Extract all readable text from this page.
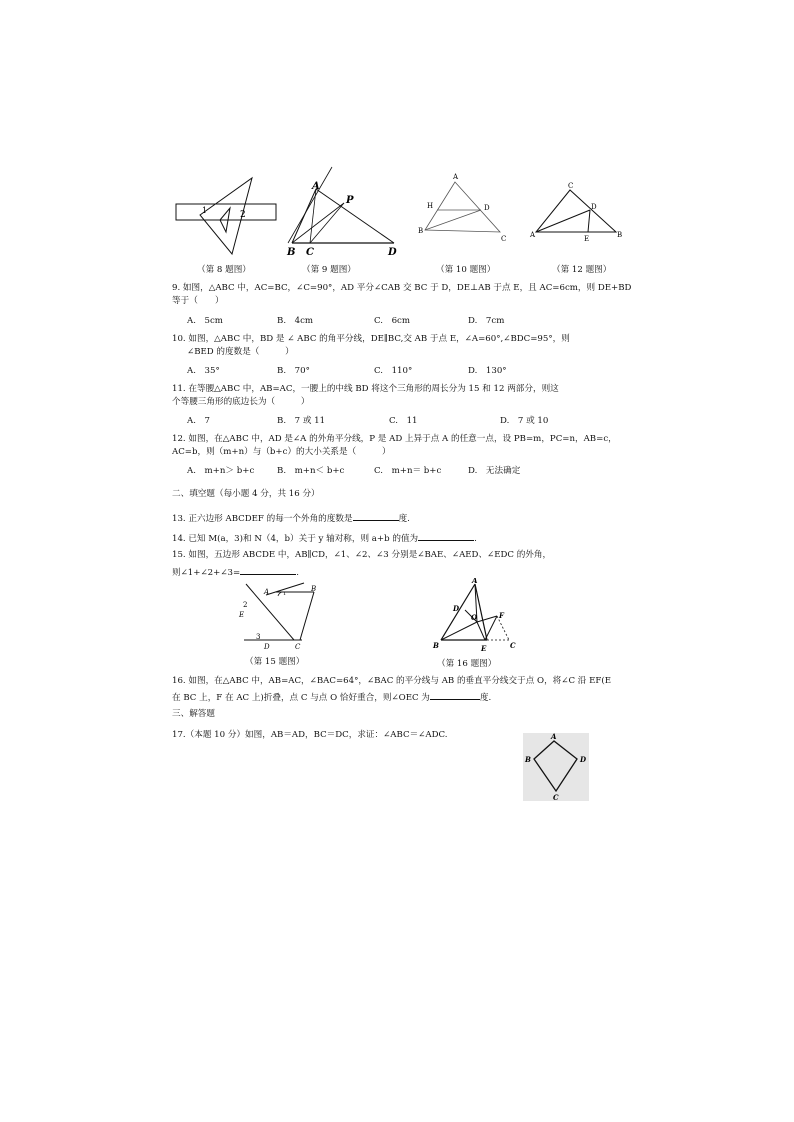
1	2
（第 8 题图）
A
P
B C	D
（第 9 题图）
A
H	D
B
C
（第 10 题图）
C
D
A	E	B
（第 12 题图）
9. 如图，△ABC 中，AC=BC，∠C=90°，AD 平分∠CAB 交 BC 于 D，DE⊥AB 于点 E，且 AC=6cm，则 DE+BD
等于（　　）
A.　5cm	B.　4cm	C.　6cm	D.　7cm
10. 如图，△ABC 中，BD 是 ∠ ABC 的角平分线，DE∥BC,交 AB 于点 E，∠A=60°,∠BDC=95°，则
∠BED 的度数是（　　　）
A.　35°	B.　70°	C.　110°	D.　130°
11. 在等腰△ABC 中，AB=AC，一腰上的中线 BD 将这个三角形的周长分为 15 和 12 两部分，则这
个等腰三角形的底边长为（　　　）
A.　7	B.　7 或 11	C.　11	D.　7 或 10
12. 如图，在△ABC 中，AD 是∠A 的外角平分线，P 是 AD 上异于点 A 的任意一点，设 PB=m，PC=n，AB=c，
AC=b，则（m+n）与（b+c）的大小关系是（　　　）
A.　m+n＞ b+c	B.　m+n＜ b+c	C.　m+n＝ b+c	D.　无法确定
二、填空题（每小题 4 分，共 16 分）
13. 正六边形 ABCDEF 的每一个外角的度数是	度.
14. 已知 M(a，3)和 N（4，b）关于 y 轴对称，则 a+b 的值为	.
15. 如图，五边形 ABCDE 中，AB∥CD，∠1、∠2、∠3 分别是∠BAE、∠AED、∠EDC 的外角，
则∠1+∠2+∠3=	.
A	B
2
E
3
D	C
1
（第 15 题图）
A
D
O	F
B	E	C
（第 16 题图）
16. 如图，在△ABC 中，AB=AC，∠BAC=64°，∠BAC 的平分线与 AB 的垂直平分线交于点 O，将∠C 沿 EF(E
在 BC 上，F 在 AC 上)折叠，点 C 与点 O 恰好重合，则∠OEC 为	度.
三、解答题
17.（本题 10 分）如图，AB＝AD，BC＝DC，求证：∠ABC＝∠ADC.	A
B	D
C
